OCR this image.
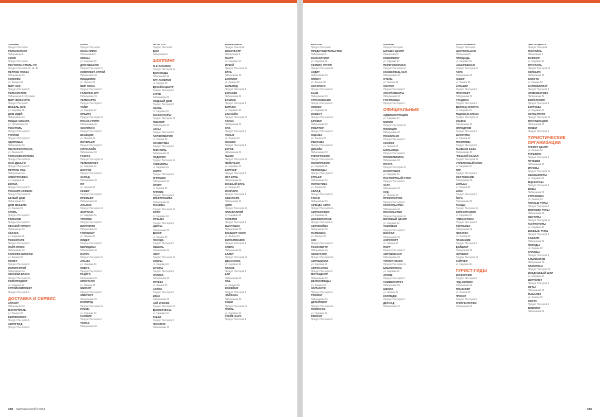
ЧАЙНЕК
Продукт Нестеров
ТЕЛЕКОНТАКТ
Набережная 6
СИНЯ
Продукт Нестеров
РЕСТОРАН ГРИЛЬ-ТО
Продукт Нестеров 11, кв. 49
ПЕТРОВ ПЛАЗА
Набережная 34
ГАЛЕРЕЯ
ул. Ленина 33
МИР ЧАЯ
Продукт Нестеров 6
ТЕЛЕСИСТЕМ
Набережная 6 / Кутузова
МИР ЧЕРЕЗ ИТО
Продукт Нестеров
МЕБЕЛЬ ВСЕ
ул. Садовая 44
ДОМ ИДЕЙ
Набережная 34
ПИЦЦА ЧИНАРА
ул. Пушкинская 61
ТЕКСТИЛЬ
Продукт Нестеров 6
ТУРИЗМ
Продукт Нестеров 6
ЗДОРОВЬЕ
Набережная 34
ЛЕНТАРОЛ ПЛАЗА
ул. Ленина 33
ТЕЛЕКОМСИСТЕМА
Продукт Нестеров 11
ОАО ДЕНЬГИ
Продукт Нестеров 6
ПЕТРОВ ЛАБ
Набережная 34
ЭЛЕКТРОНИКА
ул. Садовая 44
ВОЛНА
Продукт Нестеров 6
ТРАНЗИТ-СЕРВИС
Продукт Нестеров 11
БЕЛЫЙ ДОМ
Набережная 34
ДОМ МЕБЕЛИ
ул. Ленина 33
СТИЛЬ
Продукт Нестеров 6
ТЕЛЕКОМ
Продукт Нестеров 6
ЛЕСНОЙ ТУРИСТ
Набережная 34
СКАЗКА
ул. Садовая 44
ТЕХНОПАРК
Продукт Нестеров 6
ЛАЙТ-ПЛЮС
Набережная 34
ГАЛЕРЕЯ ВИНТАЖ
ул. Ленина 33
ПОЛЕТ
Продукт Нестеров 6
ИНТЕРСТРОЙ
Набережная 34
ЭКОНОМ-КЛАСС
Продукт Нестеров 11
ТЕЛЕПРОДУКТ
ул. Садовая 44
СТРОЙКОМПЛЕКТ
Продукт Нестеров 6
ДОСТАВКА И СЕРВИС
АТЛАНТ
Набережная 34
МАГИСТРАЛЬ
ул. Ленина 33
ЕВРОМАРКЕТ
Продукт Нестеров 6
АВТОГРАД
Продукт Нестеров 6
ОКНА
Продукт Нестеров
ОКНА-ПЛЮС
Набережная 6
КРАНЫ
ул. Садовая 44
ДОМ МЕБЕЛИ
Продукт Нестеров 11
КОМПЛЕКТ-СТРОЙ
Набережная 34
ПИЦЦЕРИЯ
ул. Ленина 33
МИР ОКОН
Продукт Нестеров 6
ГАЛЕРЕЯ АРТ
Набережная 34
ТЕЛЕКАРТА
Продукт Нестеров 6
ТАЙМ
ул. Садовая 44
ОРБИТА
Продукт Нестеров 11
ПЛАЗА-ГРУПП
Набережная 34
ЭКСПРЕСС
Продукт Нестеров 6
ВЕНЕЦИЯ
ул. Ленина 33
ИНТЕРЬЕР
Продукт Нестеров 6
СИТИ-ЛАЙН
Набережная 34
ГАЗЕТА
Продукт Нестеров 11
ТЕЛЕМАРКЕТ
ул. Садовая 44
ВОСТОК
Продукт Нестеров 6
ЗАПАД
Набережная 34
ЮГ
ул. Ленина 33
СЕВЕР
Продукт Нестеров 6
ПРЕМЬЕР
Набережная 34
АЛЬЯНС
Продукт Нестеров 11
ФОРТУНА
ул. Садовая 44
ТРИУМФ
Продукт Нестеров 6
ВИКТОРИЯ
Набережная 34
ГОРИЗОНТ
ул. Ленина 33
ЛИДЕР
Продукт Нестеров 6
МЕРИДИАН
Набережная 34
ПАРУС
Продукт Нестеров 11
АЛЬФА
ул. Садовая 44
ОМЕГА
Продукт Нестеров 6
РАДУГА
Набережная 34
КРИСТАЛЛ
ул. Ленина 33
ЖЕМЧУГ
Продукт Нестеров 6
АМЕТИСТ
Набережная 34
ИЗУМРУД
Продукт Нестеров 11
РУБИН
ул. Садовая 44
САПФИР
Продукт Нестеров 6
ТОПАЗ
Набережная 34
СИТИ ТУР
Продукт Нестеров
ДОМ
Набережная 6
ШОППИНГ
ALE FASHION
Продукт Нестеров 11
ДОМ МОДЫ
Набережная 34
АРТ-ГАЛЕРЕЯ
ул. Ленина 33
ДИЗАЙН ЦЕНТР
Продукт Нестеров 6
БУТИК
Набережная 34
МОДНЫЙ ДОМ
Продукт Нестеров 6
ОБУВЬ
ул. Садовая 44
АКСЕССУАРЫ
Продукт Нестеров 11
ЮВЕЛИР
Набережная 34
ЧАСЫ
Продукт Нестеров 6
ПАРФЮМЕРИЯ
ул. Ленина 33
КОСМЕТИКА
Продукт Нестеров 6
ТЕКСТИЛЬ
Набережная 34
ПОДАРКИ
Продукт Нестеров 11
СУВЕНИРЫ
ул. Садовая 44
КНИГИ
Продукт Нестеров 6
ИГРУШКИ
Набережная 34
СПОРТ
ул. Ленина 33
ТУРИЗМ
Продукт Нестеров 6
ЭЛЕКТРОНИКА
Набережная 34
ТЕХНИКА
Продукт Нестеров 11
ФОТО
ул. Садовая 44
МУЗЫКА
Продукт Нестеров 6
ЦВЕТЫ
Набережная 34
ДЕКОР
ул. Ленина 33
ПОСУДА
Продукт Нестеров 6
МЕБЕЛЬ
Набережная 34
СВЕТ
Продукт Нестеров 11
КОВРЫ
ул. Садовая 44
ШТОРЫ
Продукт Нестеров 6
ОПТИКА
Набережная 34
АПТЕКА
ул. Ленина 33
САЛОН
Продукт Нестеров 6
ВИНА
Набережная 34
ЧАЙ И КОФЕ
Продукт Нестеров 11
ДЕЛИКАТЕСЫ
ул. Садовая 44
ТАБАК
Продукт Нестеров 6
ПЕКАРНЯ
Набережная 34
ВИНОЛАВКА
Продукт Нестеров
КИНОТЕАТР
Набережная 6
ТЕАТР
ул. Садовая 44
МУЗЕЙ
Продукт Нестеров 11
КЛУБ
Набережная 34
БОУЛИНГ
ул. Ленина 33
БИЛЬЯРД
Продукт Нестеров 6
КАРАОКЕ
Набережная 34
КАЗИНО
Продукт Нестеров 6
ФИТНЕС
ул. Садовая 44
БАССЕЙН
Продукт Нестеров 11
САУНА
Набережная 34
СПА
Продукт Нестеров 6
ГОЛЬФ
ул. Ленина 33
ТЕННИС
Продукт Нестеров 6
КАТОК
Набережная 34
ЛЫЖИ
Продукт Нестеров 11
ПЕЙНТБОЛ
ул. Садовая 44
КАРТИНГ
Продукт Нестеров 6
ЯХТ-КЛУБ
Набережная 34
КОННЫЙ КЛУБ
ул. Ленина 33
ЗООПАРК
Продукт Нестеров 6
АКВАПАРК
Набережная 34
ЦИРК
Продукт Нестеров 11
ПЛАНЕТАРИЙ
ул. Садовая 44
ГАЛЕРЕЯ
Продукт Нестеров 6
ВЫСТАВКА
Набережная 34
КОНЦЕРТ ХОЛЛ
ул. Ленина 33
ФИЛАРМОНИЯ
Продукт Нестеров 6
ОПЕРА
Набережная 34
БАЛЕТ
Продукт Нестеров 11
ДЖАЗ КЛУБ
ул. Садовая 44
ЛАУНЖ
Продукт Нестеров 6
БАР
Набережная 34
ПАБ
ул. Ленина 33
КОФЕЙНЯ
Продукт Нестеров 6
ЧАЙХАНА
Набережная 34
СУШИ
Продукт Нестеров 11
ГРИЛЬ
ул. Садовая 44
СТЕЙК ХАУС
Продукт Нестеров 6
188 СЕРЧЕНСКИЙ ПЛАЗ
ВОСТОК
Продукт Нестеров
ПРЕДСТАВИТЕЛЬСТВО
Набережная 6
КОНСАЛТИНГ
ул. Садовая 44
СЕРВИС ГРУПП
Продукт Нестеров 11
АУДИТ
Набережная 34
ЮРИСТ
ул. Ленина 33
НОТАРИУС
Продукт Нестеров 6
БАНК
Набережная 34
СТРАХОВАНИЕ
Продукт Нестеров 6
ЛИЗИНГ
ул. Садовая 44
ИНВЕСТ
Продукт Нестеров 11
БРОКЕР
Набережная 34
РИЕЛТОР
Продукт Нестеров 6
ОЦЕНКА
ул. Ленина 33
РЕКЛАМА
Продукт Нестеров 6
ДИЗАЙН
Набережная 34
ТИПОГРАФИЯ
Продукт Нестеров 11
ПОЛИГРАФИЯ
ул. Садовая 44
ПЕРЕВОДЫ
Продукт Нестеров 6
КУРЬЕР
Набережная 34
ЛОГИСТИКА
ул. Ленина 33
СКЛАД
Продукт Нестеров 6
ТАКСИ
Набережная 34
АРЕНДА АВТО
Продукт Нестеров 11
АВТОСЕРВИС
ул. Садовая 44
ШИНОМОНТАЖ
Продукт Нестеров 6
АВТОМОЙКА
Набережная 34
ПАРКОВКА
ул. Ленина 33
АЗС
Продукт Нестеров 6
ТЕХОСМОТР
Набережная 34
ЭВАКУАТОР
Продукт Нестеров 11
АВТОШКОЛА
ул. Садовая 44
АВТОСАЛОН
Продукт Нестеров 6
МОТОЦЕНТР
Набережная 34
ВЕЛОСИПЕДЫ
ул. Ленина 33
ЗАПЧАСТИ
Продукт Нестеров 6
ТЮНИНГ
Набережная 34
ДЕТЕЙЛИНГ
Продукт Нестеров 11
ПОКРАСКА
ул. Садовая 44
РЕМОНТ
Продукт Нестеров 6
ОФИСЫ
Продукт Нестеров
БИЗНЕС ЦЕНТР
Набережная 6
КОВОРКИНГ
ул. Садовая 44
ПЕРЕГОВОРНАЯ
Продукт Нестеров 11
КОНФЕРЕНЦ-ЗАЛ
Набережная 34
ОТЕЛЬ
ул. Ленина 33
ХОСТЕЛ
Продукт Нестеров 6
АПАРТАМЕНТЫ
Набережная 34
ГОСТИНИЦА
Продукт Нестеров 6
ОФИЦИАЛЬНЫЕ
АДМИНИСТРАЦИЯ
ул. Садовая 44
МЭРИЯ
Продукт Нестеров 11
ПОЛИЦИЯ
Набережная 34
ПОЖАРНАЯ
Продукт Нестеров 6
СКОРАЯ
ул. Ленина 33
БОЛЬНИЦА
Продукт Нестеров 6
ПОЛИКЛИНИКА
Набережная 34
ПОЧТА
Продукт Нестеров 11
НАЛОГОВАЯ
ул. Садовая 44
ПАСПОРТНЫЙ СТОЛ
Продукт Нестеров 6
ЗАГС
Набережная 34
СУД
ул. Ленина 33
ПРОКУРАТУРА
Продукт Нестеров 6
КОНСУЛЬСТВО
Набережная 34
ПОСОЛЬСТВО
Продукт Нестеров 11
ВИЗОВЫЙ ЦЕНТР
ул. Садовая 44
ТАМОЖНЯ
Продукт Нестеров 6
ВОКЗАЛ
Набережная 34
АЭРОПОРТ
ул. Ленина 33
ПОРТ
Продукт Нестеров 6
АВТОВОКЗАЛ
Набережная 34
ТУРИСТ ИНФО
Продукт Нестеров 11
БИБЛИОТЕКА
ул. Садовая 44
АРХИВ
Продукт Нестеров 6
УНИВЕРСИТЕТ
Набережная 34
ШКОЛА
ул. Ленина 33
КОЛЛЕДЖ
Продукт Нестеров 6
ДЕТСАД
Набережная 34
ТЕАТРАЛЬНАЯ
Продукт Нестеров
ЦЕНТРАЛЬНАЯ
Набережная 6
ПЛОЩАДЬ
ул. Садовая 44
НАБЕРЕЖНАЯ
Продукт Нестеров 11
ПАРК
Набережная 34
СКВЕР
ул. Ленина 33
БУЛЬВАР
Продукт Нестеров 6
ПРОСПЕКТ
Набережная 34
СТАДИОН
Продукт Нестеров 6
ДВОРЕЦ СПОРТА
ул. Садовая 44
ЛЕДОВАЯ АРЕНА
Продукт Нестеров 11
МАНЕЖ
Набережная 34
ИППОДРОМ
Продукт Нестеров 6
ВЕЛОТРЕК
ул. Ленина 33
ТРАМПЛИН
Продукт Нестеров 6
ЛЫЖНАЯ БАЗА
Набережная 34
ГРЕБНОЙ КАНАЛ
Продукт Нестеров 11
СТРЕЛКОВЫЙ КЛУБ
ул. Садовая 44
ТИР
Продукт Нестеров 6
ФЕХТОВАНИЕ
Набережная 34
БОРЬБА
ул. Ленина 33
БОКС
Продукт Нестеров 6
ЙОГА
Набережная 34
ТАНЦЫ
Продукт Нестеров 11
ХОРЕОГРАФИЯ
ул. Садовая 44
ГИМНАСТИКА
Продукт Нестеров 6
АЭРОБИКА
Набережная 34
ПИЛАТЕС
ул. Ленина 33
ПЛАВАНИЕ
Продукт Нестеров 6
ДАЙВИНГ
Набережная 34
СЕРФИНГ
Продукт Нестеров 11
КАЙТИНГ
ул. Садовая 44
ТУРИСТ-ГИДЫ
ЭКСКУРСИИ
Продукт Нестеров 6
ГИД-СЕРВИС
Набережная 34
ТРАНСФЕР
ул. Ленина 33
ПРОКАТ
Продукт Нестеров 6
ТУРАГЕНТСТВО
Набережная 34
ЛЕНТА ЦЕНТР
Продукт Нестеров
ТЕКСТИЛЬ
Набережная 6
ФАРФОР
ул. Садовая 44
ХРУСТАЛЬ
Продукт Нестеров 11
СЕРЕБРО
Набережная 34
ЗОЛОТО
ул. Ленина 33
АНТИКВАРИАТ
Продукт Нестеров 6
НУМИЗМАТИКА
Набережная 34
ФИЛАТЕЛИЯ
Продукт Нестеров 6
КАРТИНЫ
ул. Садовая 44
СКУЛЬПТУРА
Продукт Нестеров 11
РЕСТАВРАЦИЯ
Набережная 34
РАМКИ
Продукт Нестеров 6
ТУРИСТИЧЕСКИЕ ОРГАНИЗАЦИИ
ТУРИСТ ЦЕНТР
ул. Ленина 33
ТУРБЮРО
Продукт Нестеров 6
ПУТЕВКИ
Набережная 34
КРУИЗЫ
Продукт Нестеров 11
АВИАБИЛЕТЫ
ул. Садовая 44
Ж/Д КАССЫ
Продукт Нестеров 6
ВИЗЫ
Набережная 34
СТРАХОВКА
ул. Ленина 33
ГОРНЫЕ ТУРЫ
Продукт Нестеров 6
МОРСКИЕ ТУРЫ
Набережная 34
ЭКОТУРЫ
Продукт Нестеров 11
ГАСТРОТУРЫ
ул. Садовая 44
ВИННЫЕ ТУРЫ
Продукт Нестеров 6
САФАРИ
Набережная 34
ПОХОДЫ
ул. Ленина 33
СПЛАВЫ
Продукт Нестеров 6
АЛЬПИНИЗМ
Набережная 34
ПАРАПЛАН
Продукт Нестеров 11
ВОЗДУШНЫЙ ШАР
ул. Садовая 44
ВЕРТОЛЕТ
Продукт Нестеров 6
ЯХТЫ
Набережная 34
РЫБАЛКА
ул. Ленина 33
ОХОТА
Продукт Нестеров 6
КЕМПИНГ
Набережная 34
189
